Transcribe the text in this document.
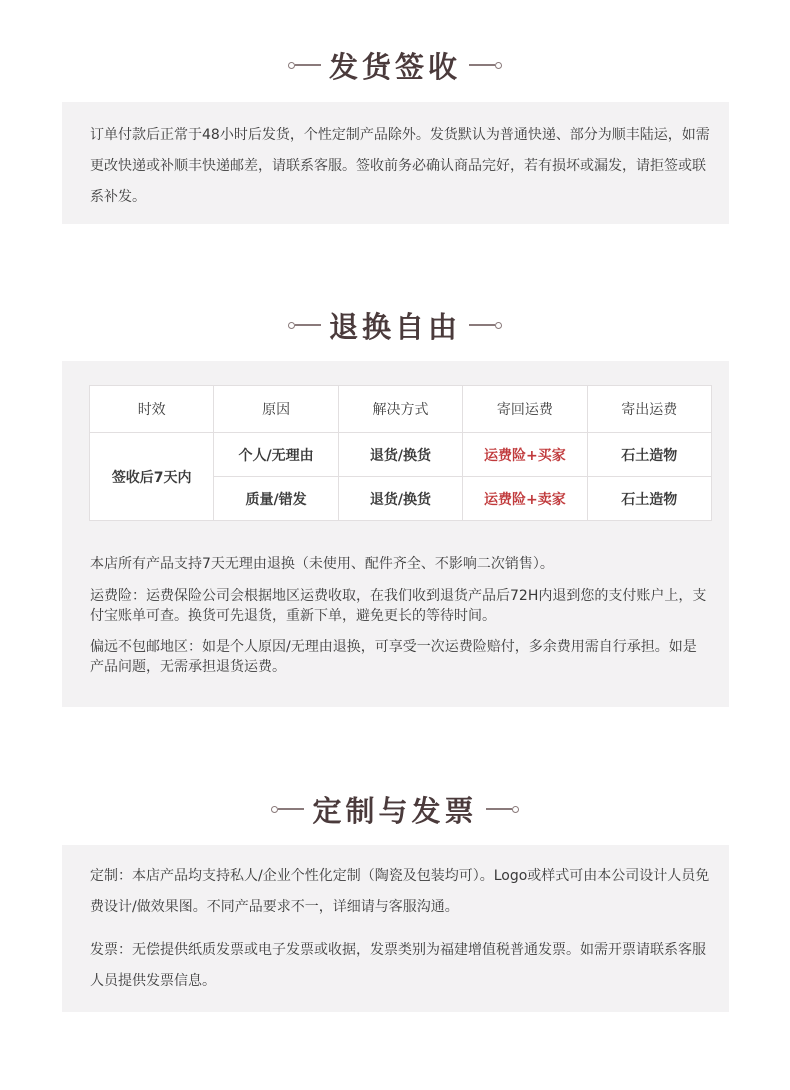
发货签收

订单付款后正常于48小时后发货，个性定制产品除外。发货默认为普通快递、部分为顺丰陆运，如需更改快递或补顺丰快递邮差，请联系客服。签收前务必确认商品完好，若有损坏或漏发，请拒签或联系补发。

退换自由
时效	原因	解决方式	寄回运费	寄出运费
签收后7天内	个人/无理由	退货/换货	运费险+买家	石土造物
	质量/错发	退货/换货	运费险+卖家	石土造物

本店所有产品支持7天无理由退换（未使用、配件齐全、不影响二次销售）。

运费险：运费保险公司会根据地区运费收取，在我们收到退货产品后72H内退到您的支付账户上，支付宝账单可查。换货可先退货，重新下单，避免更长的等待时间。

偏远不包邮地区：如是个人原因/无理由退换，可享受一次运费险赔付，多余费用需自行承担。如是产品问题，无需承担退货运费。

定制与发票

定制：本店产品均支持私人/企业个性化定制（陶瓷及包装均可）。Logo或样式可由本公司设计人员免费设计/做效果图。不同产品要求不一，详细请与客服沟通。

发票：无偿提供纸质发票或电子发票或收据，发票类别为福建增值税普通发票。如需开票请联系客服人员提供发票信息。
